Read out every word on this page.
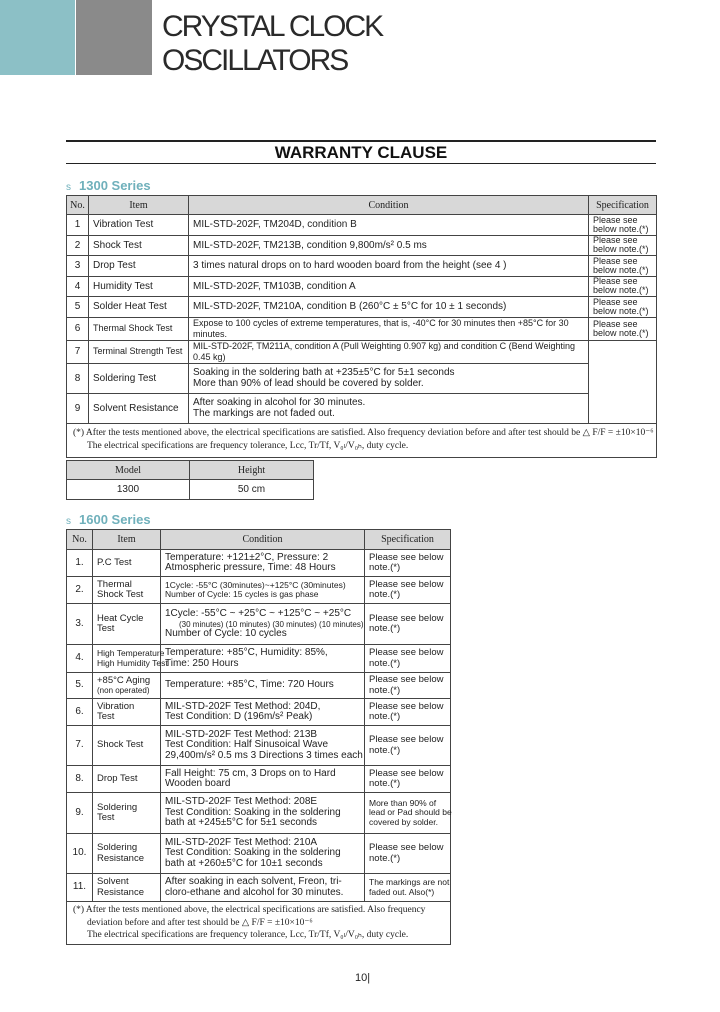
CRYSTAL CLOCK
OSCILLATORS
WARRANTY CLAUSE
s 1300 Series
No.	Item	Condition	Specification
1	Vibration Test	MIL-STD-202F, TM204D, condition B	Please see
below note.(*)

2	Shock Test	MIL-STD-202F, TM213B, condition 9,800m/s² 0.5 ms	Please see
below note.(*)

3	Drop Test	3 times natural drops on to hard wooden board from the height (see 4 )	Please see
below note.(*)

4	Humidity Test	MIL-STD-202F, TM103B, condition A	Please see
below note.(*)

5	Solder Heat Test	MIL-STD-202F, TM210A, condition B (260°C ± 5°C for 10 ± 1 seconds)	Please see
below note.(*)

6	Thermal Shock Test	Expose to 100 cycles of extreme temperatures, that is, -40°C for 30 minutes then +85°C for 30 minutes.	Please see
below note.(*)

7	Terminal Strength Test	MIL-STD-202F, TM211A, condition A (Pull Weighting 0.907 kg) and condition C (Bend Weighting 0.45 kg)	
8	Soldering Test	Soaking in the soldering bath at +235±5°C for 5±1 seconds
More than 90% of lead should be covered by solder.	

9	Solvent Resistance	After soaking in alcohol for 30 minutes.
The markings are not faded out.	

(*) After the tests mentioned above, the electrical specifications are satisfied. Also frequency deviation before and after test should be △ F/F = ±10×10⁻⁶
The electrical specifications are frequency tolerance, Lcc, Tr/Tf, V₀ₗ/V₀ₕ, duty cycle.			
Model	Height
1300	50 cm
s 1600 Series
No.	Item	Condition	Specification
1.	P.C Test	Temperature: +121±2°C, Pressure: 2
Atmospheric pressure, Time: 48 Hours	Please see below
note.(*)

2.	Thermal
Shock Test	1Cycle: -55°C (30minutes)~+125°C (30minutes)
Number of Cycle: 15 cycles is gas phase	Please see below
note.(*)

3.	Heat Cycle
Test	1Cycle: -55°C ~ +25°C ~ +125°C ~ +25°C
(30 minutes) (10 minutes) (30 minutes) (10 minutes)
Number of Cycle: 10 cycles	Please see below
note.(*)

4.	High Temperature
High Humidity Test	Temperature: +85°C, Humidity: 85%,
Time: 250 Hours	Please see below
note.(*)

5.	+85°C Aging
(non operated)	Temperature: +85°C, Time: 720 Hours	Please see below
note.(*)

6.	Vibration
Test	MIL-STD-202F Test Method: 204D,
Test Condition: D (196m/s² Peak)	Please see below
note.(*)

7.	Shock Test	MIL-STD-202F Test Method: 213B
Test Condition: Half Sinusoical Wave
29,400m/s² 0.5 ms 3 Directions 3 times each	Please see below
note.(*)

8.	Drop Test	Fall Height: 75 cm, 3 Drops on to Hard
Wooden board	Please see below
note.(*)

9.	Soldering
Test	MIL-STD-202F Test Method: 208E
Test Condition: Soaking in the soldering
bath at +245±5°C for 5±1 seconds	More than 90% of
lead or Pad should be
covered by solder.

10.	Soldering
Resistance	MIL-STD-202F Test Method: 210A
Test Condition: Soaking in the soldering
bath at +260±5°C for 10±1 seconds	Please see below
note.(*)

11.	Solvent
Resistance	After soaking in each solvent, Freon, tri-
cloro-ethane and alcohol for 30 minutes.	The markings are not
faded out. Also(*)

(*) After the tests mentioned above, the electrical specifications are satisfied. Also frequency
deviation before and after test should be △ F/F = ±10×10⁻⁶
The electrical specifications are frequency tolerance, Lcc, Tr/Tf, V₀ₗ/V₀ₕ, duty cycle.			
10|
